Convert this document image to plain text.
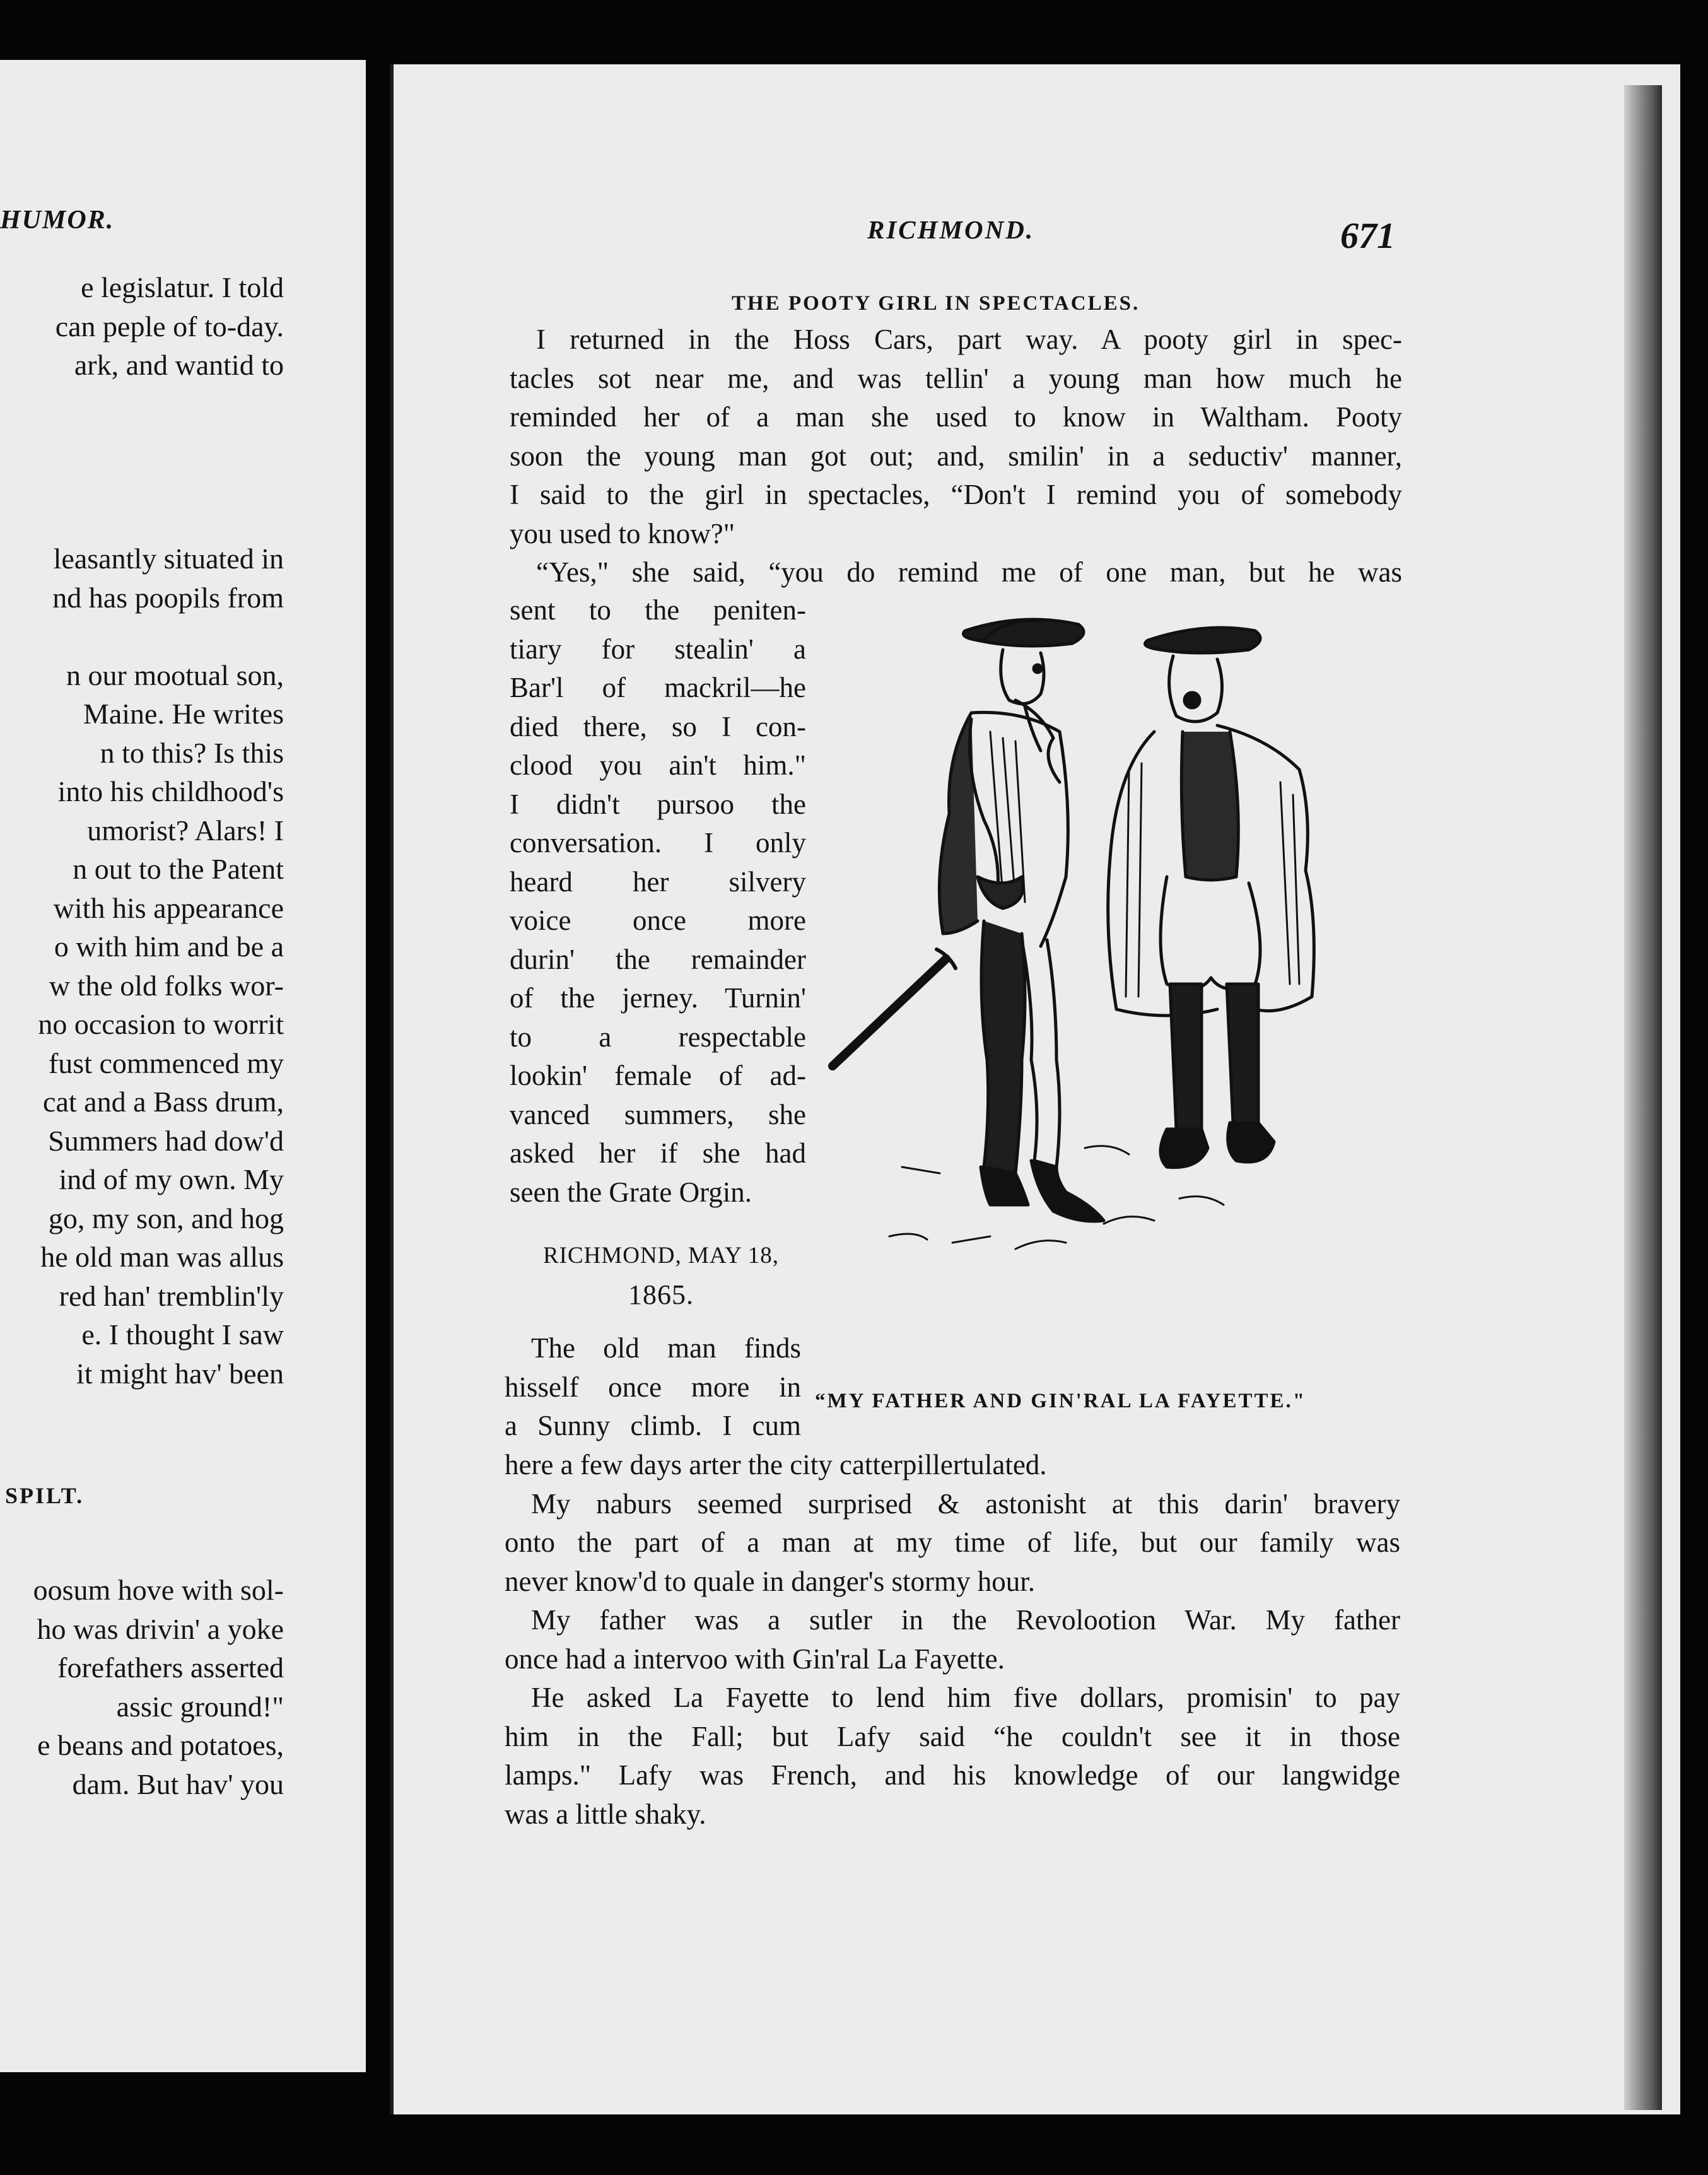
HUMOR.
e legislatur. I told
can peple of to-day.
ark, and wantid to
leasantly situated in
nd has poopils from

n our mootual son,
Maine. He writes
n to this? Is this
into his childhood's
umorist? Alars! I
n out to the Patent
with his appearance
o with him and be a
w the old folks wor-
no occasion to worrit
fust commenced my
cat and a Bass drum,
Summers had dow'd
ind of my own. My
go, my son, and hog
he old man was allus
red han' tremblin'ly
e. I thought I saw
it might hav' been
SPILT.
oosum hove with sol-
ho was drivin' a yoke
forefathers asserted
assic ground!"
e beans and potatoes,
dam. But hav' you
RICHMOND.	671
THE POOTY GIRL IN SPECTACLES.
I returned in the Hoss Cars, part way. A pooty girl in spec-
tacles sot near me, and was tellin' a young man how much he
reminded her of a man she used to know in Waltham. Pooty
soon the young man got out; and, smilin' in a seductiv' manner,
I said to the girl in spectacles, “Don't I remind you of somebody
you used to know?"
“Yes," she said, “you do remind me of one man, but he was
sent to the peniten-
tiary for stealin' a
Bar'l of mackril—he
died there, so I con-
clood you ain't him."
I didn't pursoo the
conversation. I only
heard her silvery
voice once more
durin' the remainder
of the jerney. Turnin'
to a respectable
lookin' female of ad-
vanced summers, she
asked her if she had
seen the Grate Orgin.
RICHMOND, MAY 18,
1865.
The old man finds
hisself once more in
a Sunny climb. I cum
“MY FATHER AND GIN'RAL LA FAYETTE."
here a few days arter the city catterpillertulated.
My naburs seemed surprised & astonisht at this darin' bravery
onto the part of a man at my time of life, but our family was
never know'd to quale in danger's stormy hour.
My father was a sutler in the Revolootion War. My father
once had a intervoo with Gin'ral La Fayette.
He asked La Fayette to lend him five dollars, promisin' to pay
him in the Fall; but Lafy said “he couldn't see it in those
lamps." Lafy was French, and his knowledge of our langwidge
was a little shaky.
